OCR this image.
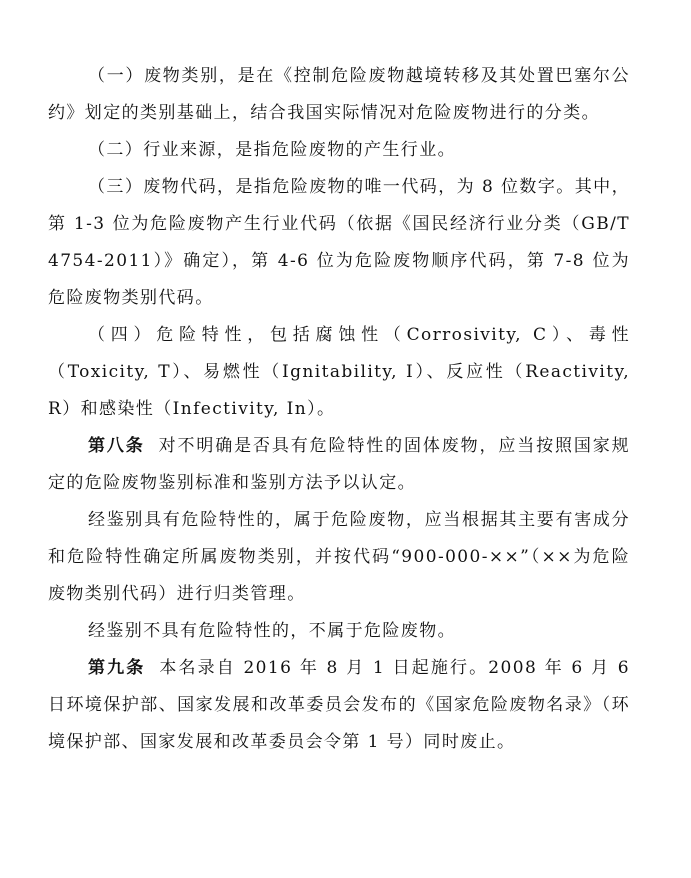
（一）废物类别，是在《控制危险废物越境转移及其处置巴塞尔公约》划定的类别基础上，结合我国实际情况对危险废物进行的分类。

（二）行业来源，是指危险废物的产生行业。

（三）废物代码，是指危险废物的唯一代码，为 8 位数字。其中，第 1-3 位为危险废物产生行业代码（依据《国民经济行业分类（GB/T 4754-2011）》确定），第 4-6 位为危险废物顺序代码，第 7-8 位为危险废物类别代码。

（四）危险特性，包括腐蚀性（Corrosivity, C）、毒性（Toxicity, T）、易燃性（Ignitability, I）、反应性（Reactivity, R）和感染性（Infectivity, In）。

第八条 对不明确是否具有危险特性的固体废物，应当按照国家规定的危险废物鉴别标准和鉴别方法予以认定。

经鉴别具有危险特性的，属于危险废物，应当根据其主要有害成分和危险特性确定所属废物类别，并按代码“900-000-××”（××为危险废物类别代码）进行归类管理。

经鉴别不具有危险特性的，不属于危险废物。

第九条 本名录自 2016 年 8 月 1 日起施行。2008 年 6 月 6 日环境保护部、国家发展和改革委员会发布的《国家危险废物名录》（环境保护部、国家发展和改革委员会令第 1 号）同时废止。
